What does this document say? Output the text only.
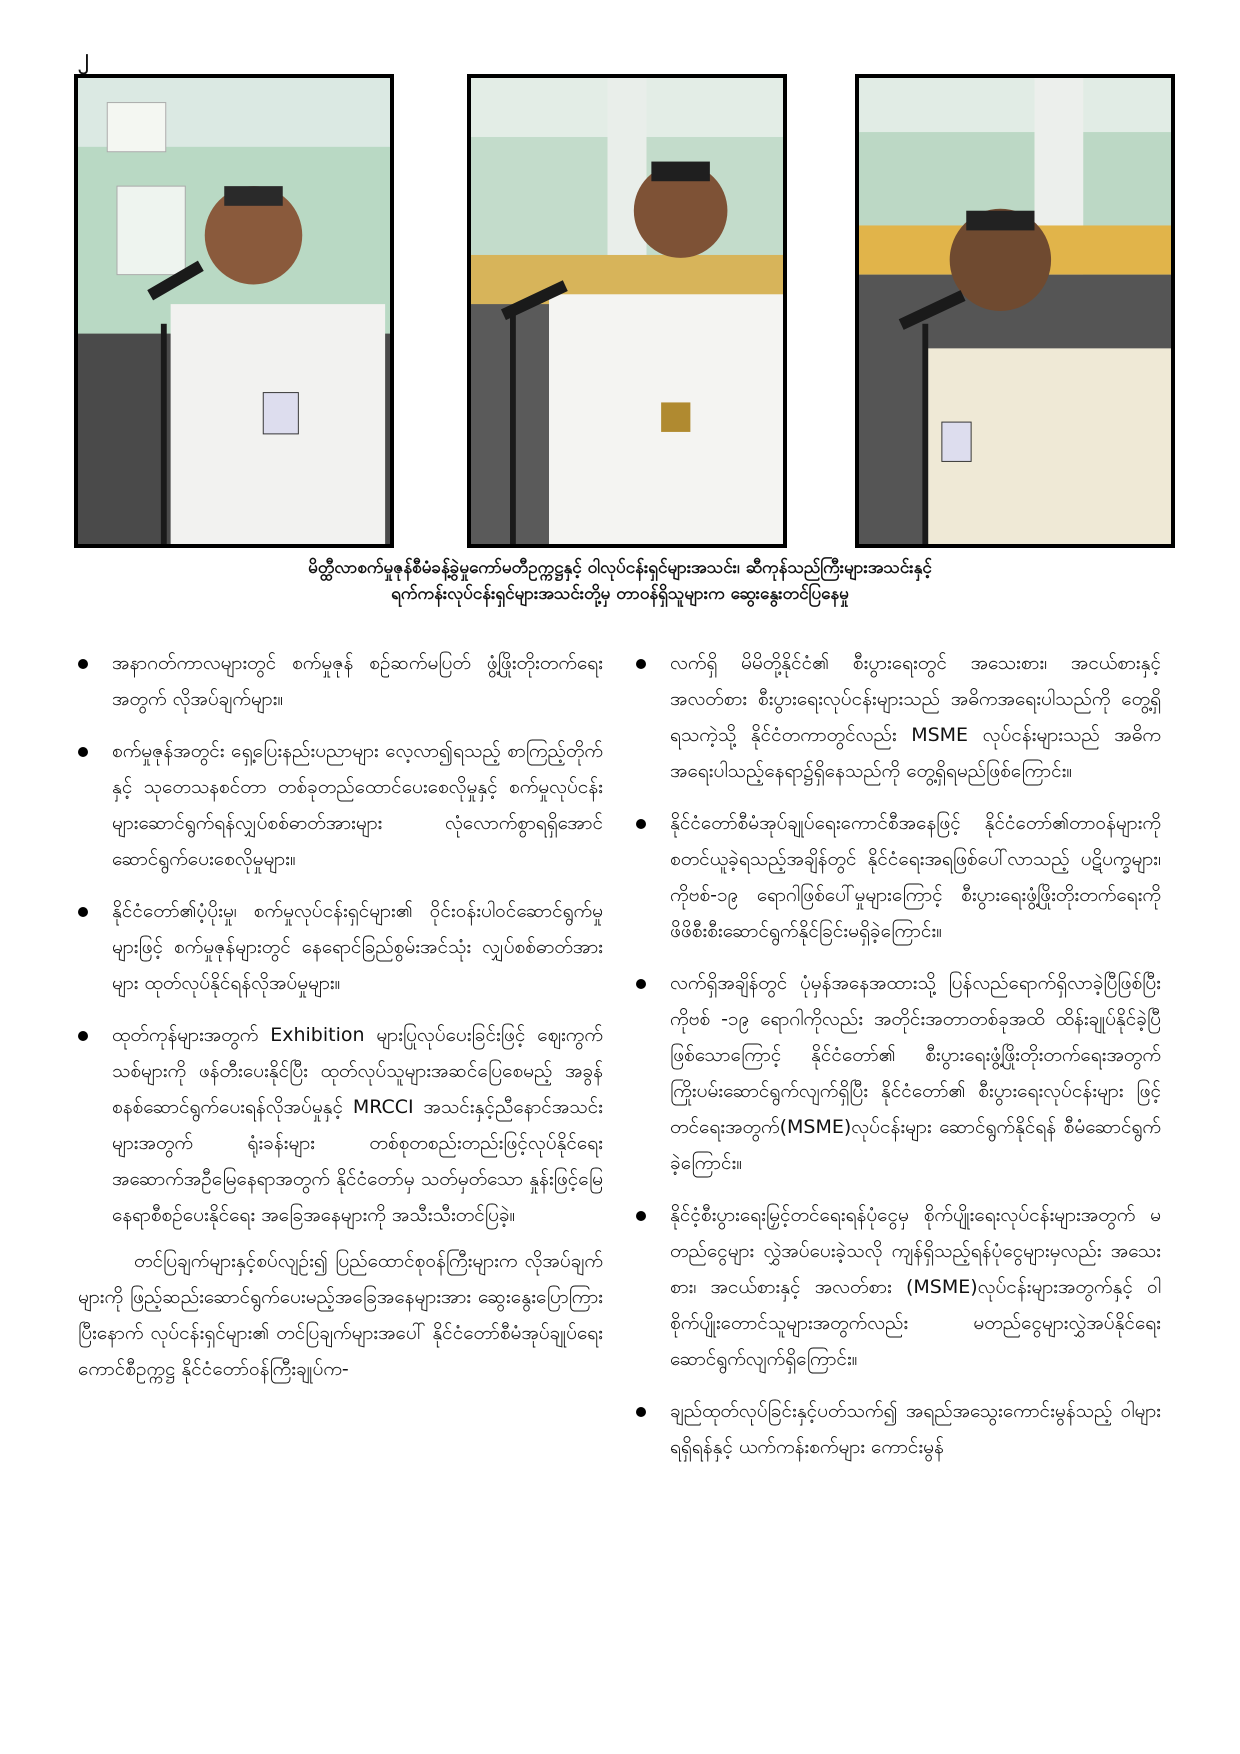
၂
မိတ္ထီလာစက်မှုဇုန်စီမံခန့်ခွဲမှုကော်မတီဥက္ကဋ္ဌနှင့် ဝါလုပ်ငန်းရှင်များအသင်း၊ ဆီကုန်သည်ကြီးများအသင်းနှင့်
ရက်ကန်းလုပ်ငန်းရှင်များအသင်းတို့မှ တာဝန်ရှိသူများက ဆွေးနွေးတင်ပြနေမှု
အနာဂတ်ကာလများတွင် စက်မှုဇုန် စဉ်ဆက်မပြတ် ဖွံ့ဖြိုးတိုးတက်ရေးအတွက် လိုအပ်ချက်များ။
စက်မှုဇုန်အတွင်း ရှေ့ပြေးနည်းပညာများ လေ့လာ၍ရသည့် စာကြည့်တိုက်နှင့် သုတေသနစင်တာ တစ်ခုတည်ထောင်ပေးစေလိုမှုနှင့် စက်မှုလုပ်ငန်းများဆောင်ရွက်ရန်လျှပ်စစ်ဓာတ်အားများ လုံလောက်စွာရရှိအောင် ဆောင်ရွက်ပေးစေလိုမှုများ။
နိုင်ငံတော်၏ပံ့ပိုးမှု၊ စက်မှုလုပ်ငန်းရှင်များ၏ ဝိုင်းဝန်းပါဝင်ဆောင်ရွက်မှုများဖြင့် စက်မှုဇုန်များတွင် နေရောင်ခြည်စွမ်းအင်သုံး လျှပ်စစ်ဓာတ်အားများ ထုတ်လုပ်နိုင်ရန်လိုအပ်မှုများ။
ထုတ်ကုန်များအတွက် Exhibition များပြုလုပ်ပေးခြင်းဖြင့် ဈေးကွက်သစ်များကို ဖန်တီးပေးနိုင်ပြီး ထုတ်လုပ်သူများအဆင်ပြေစေမည့် အခွန်စနစ်ဆောင်ရွက်ပေးရန်လိုအပ်မှုနှင့် MRCCI အသင်းနှင့်ညီနောင်အသင်းများအတွက် ရုံးခန်းများ တစ်စုတစည်းတည်းဖြင့်လုပ်နိုင်ရေး အဆောက်အဦမြေနေရာအတွက် နိုင်ငံတော်မှ သတ်မှတ်သော နှုန်းဖြင့်မြေနေရာစီစဉ်ပေးနိုင်ရေး အခြေအနေများကို အသီးသီးတင်ပြခဲ့။
တင်ပြချက်များနှင့်စပ်လျဉ်း၍ ပြည်ထောင်စုဝန်ကြီးများက လိုအပ်ချက်များကို ဖြည့်ဆည်းဆောင်ရွက်ပေးမည့်အခြေအနေများအား ဆွေးနွေးပြောကြားပြီးနောက် လုပ်ငန်းရှင်များ၏ တင်ပြချက်များအပေါ် နိုင်ငံတော်စီမံအုပ်ချုပ်ရေးကောင်စီဥက္ကဋ္ဌ နိုင်ငံတော်ဝန်ကြီးချုပ်က-
လက်ရှိ မိမိတို့နိုင်ငံ၏ စီးပွားရေးတွင် အသေးစား၊ အငယ်စားနှင့် အလတ်စား စီးပွားရေးလုပ်ငန်းများသည် အဓိကအရေးပါသည်ကို တွေ့ရှိရသကဲ့သို့ နိုင်ငံတကာတွင်လည်း MSME လုပ်ငန်းများသည် အဓိကအရေးပါသည့်နေရာ၌ရှိနေသည်ကို တွေ့ရှိရမည်ဖြစ်ကြောင်း။
နိုင်ငံတော်စီမံအုပ်ချုပ်ရေးကောင်စီအနေဖြင့် နိုင်ငံတော်၏တာဝန်များကို စတင်ယူခဲ့ရသည့်အချိန်တွင် နိုင်ငံရေးအရဖြစ်ပေါ်လာသည့် ပဋိပက္ခများ၊ ကိုဗစ်-၁၉ ရောဂါဖြစ်ပေါ်မှုများကြောင့် စီးပွားရေးဖွံ့ဖြိုးတိုးတက်ရေးကို ဖိဖိစီးစီးဆောင်ရွက်နိုင်ခြင်းမရှိခဲ့ကြောင်း။
လက်ရှိအချိန်တွင် ပုံမှန်အနေအထားသို့ ပြန်လည်ရောက်ရှိလာခဲ့ပြီဖြစ်ပြီး ကိုဗစ် -၁၉ ရောဂါကိုလည်း အတိုင်းအတာတစ်ခုအထိ ထိန်းချုပ်နိုင်ခဲ့ပြီဖြစ်သောကြောင့် နိုင်ငံတော်၏ စီးပွားရေးဖွံ့ဖြိုးတိုးတက်ရေးအတွက် ကြိုးပမ်းဆောင်ရွက်လျက်ရှိပြီး နိုင်ငံတော်၏ စီးပွားရေးလုပ်ငန်းများ ဖြင့်တင်ရေးအတွက်(MSME)လုပ်ငန်းများ ဆောင်ရွက်နိုင်ရန် စီမံဆောင်ရွက်ခဲ့ကြောင်း။
နိုင်ငံ့စီးပွားရေးမြှင့်တင်ရေးရန်ပုံငွေမှ စိုက်ပျိုးရေးလုပ်ငန်းများအတွက် မတည်ငွေများ လွှဲအပ်ပေးခဲ့သလို ကျန်ရှိသည့်ရန်ပုံငွေများမှလည်း အသေးစား၊ အငယ်စားနှင့် အလတ်စား (MSME)လုပ်ငန်းများအတွက်နှင့် ဝါစိုက်ပျိုးတောင်သူများအတွက်လည်း မတည်ငွေများလွှဲအပ်နိုင်ရေး ဆောင်ရွက်လျက်ရှိကြောင်း။
ချည်ထုတ်လုပ်ခြင်းနှင့်ပတ်သက်၍ အရည်အသွေးကောင်းမွန်သည့် ဝါများရရှိရန်နှင့် ယက်ကန်းစက်များ ကောင်းမွန်
